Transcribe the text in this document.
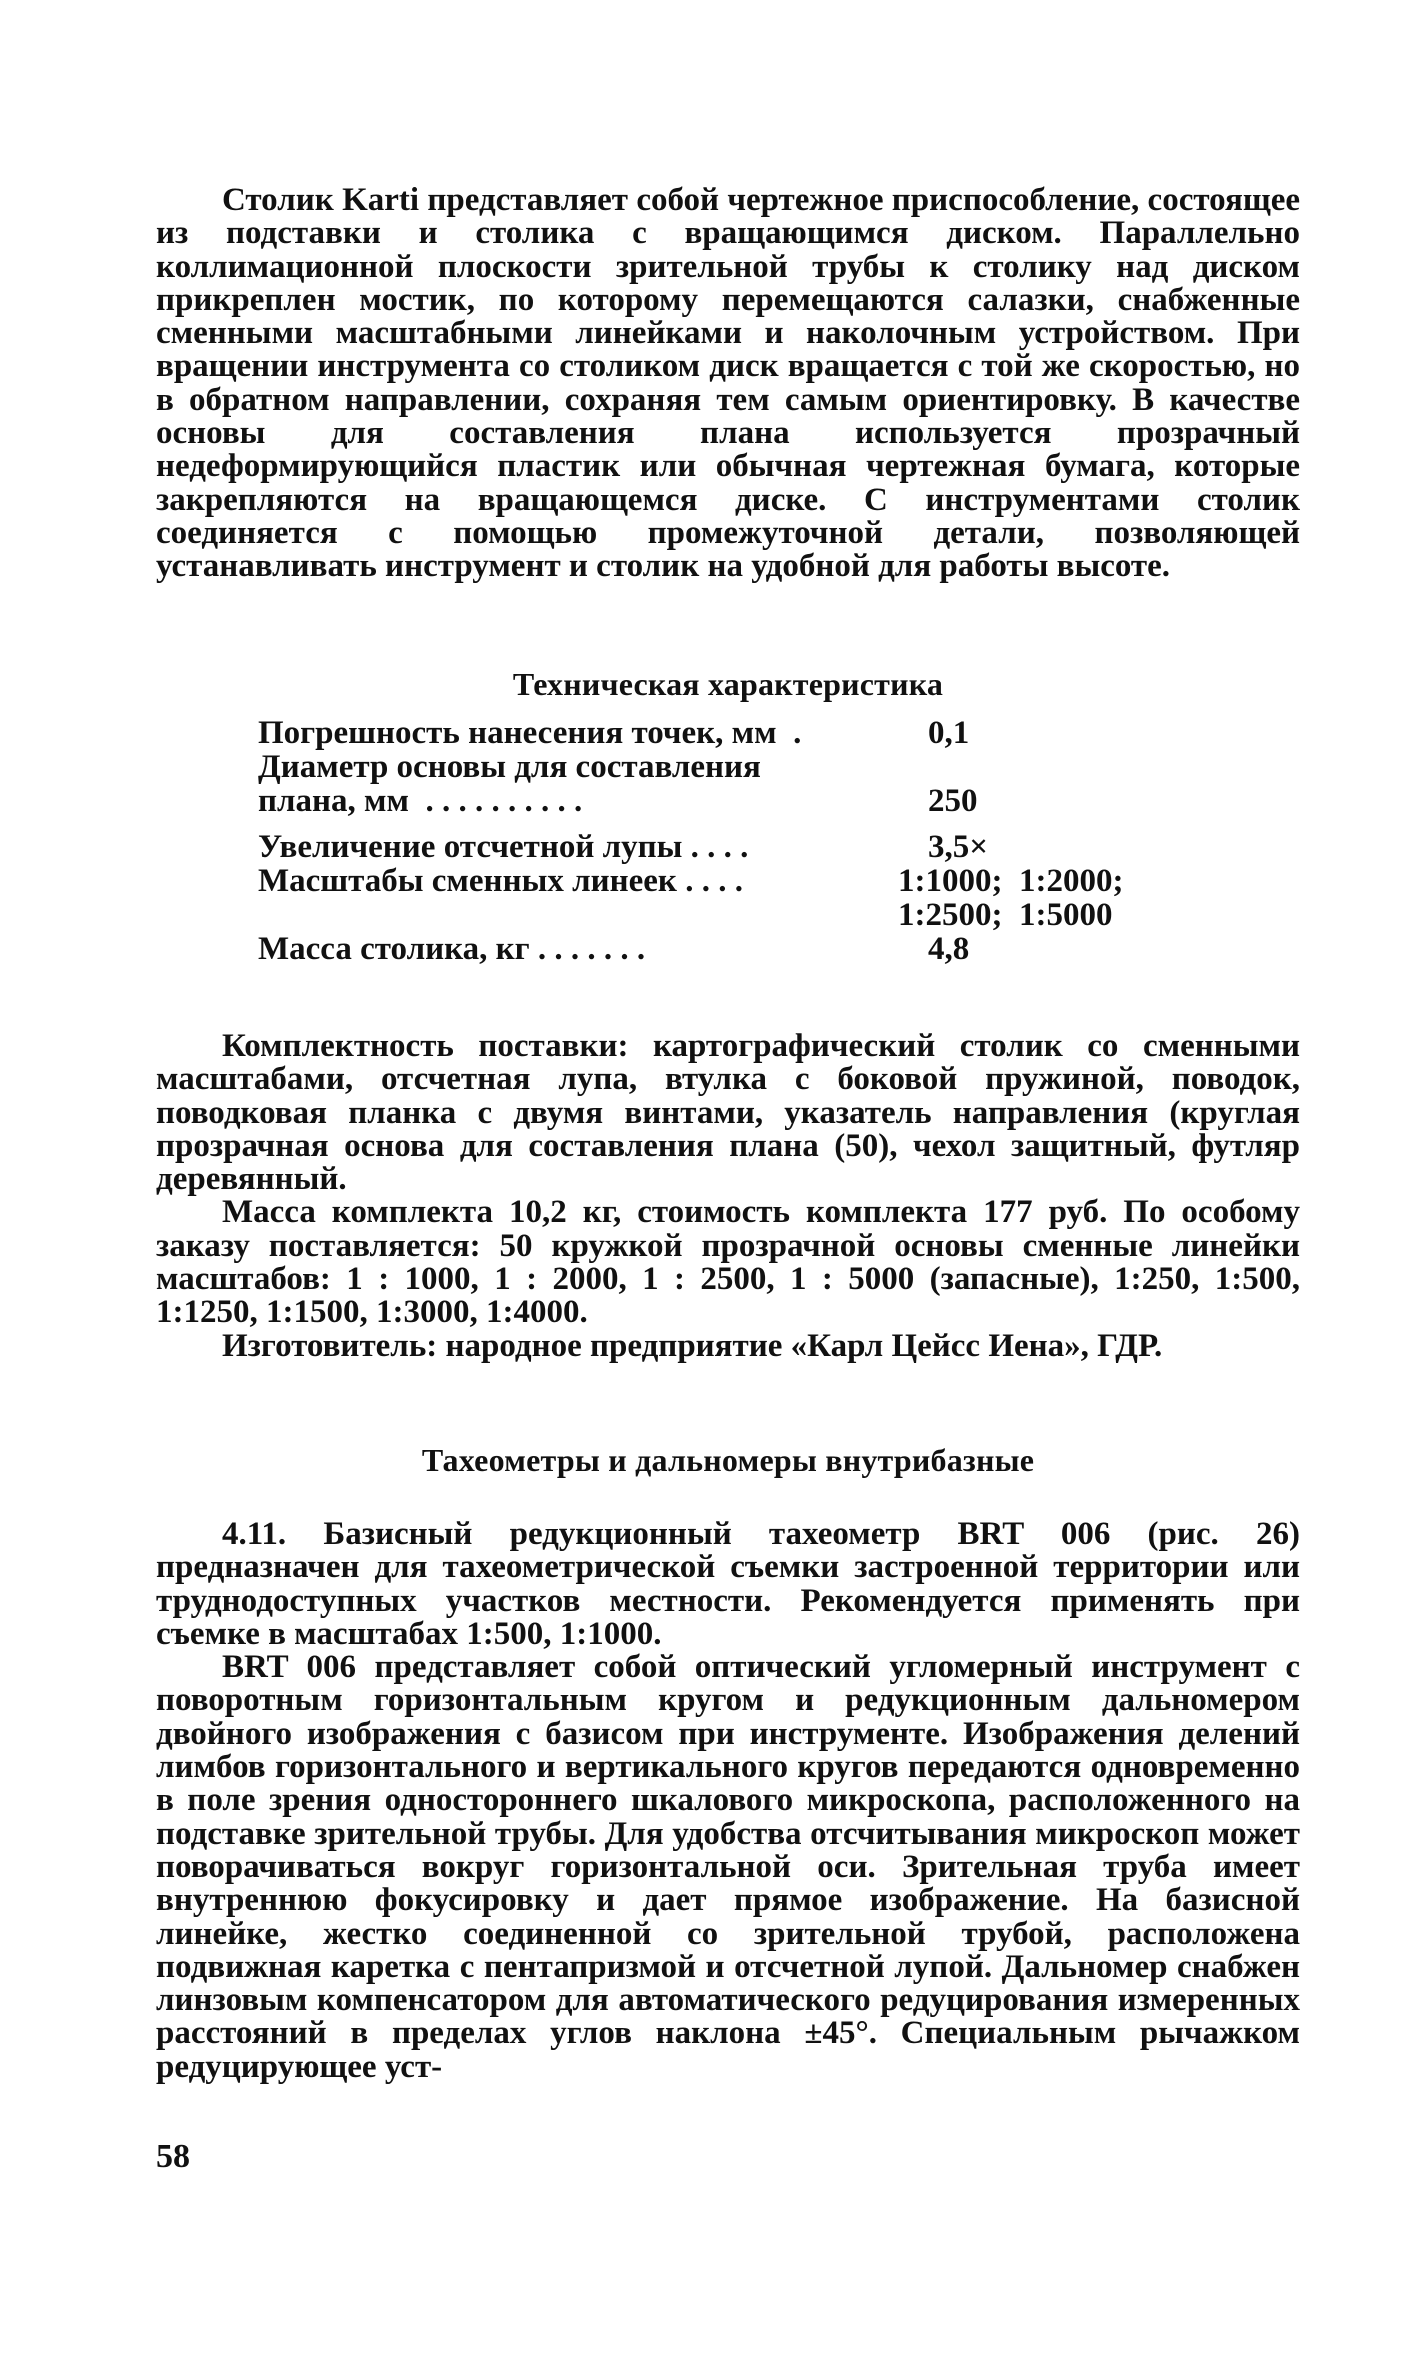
Столик Karti представляет собой чертежное приспособление, состоящее из подставки и столика с вращающимся диском. Параллельно коллимационной плоскости зрительной трубы к столику над диском прикреплен мостик, по которому перемещаются салазки, снабженные сменными масштабными линейками и наколочным устройством. При вращении инструмента со столиком диск вращается с той же скоростью, но в обратном направлении, сохраняя тем самым ориентировку. В качестве основы для составления плана используется прозрачный недеформирующийся пластик или обычная чертежная бумага, которые закрепляются на вращающемся диске. С инструментами столик соединяется с помощью промежуточной детали, позволяющей устанавливать инструмент и столик на удобной для работы высоте.

Техническая характеристика
Погрешность нанесения точек, мм  .	0,1
Диаметр основы для составления
плана, мм  . . . . . . . . . .	250
Увеличение отсчетной лупы . . . .	3,5×
Масштабы сменных линеек . . . .	1:1000;  1:2000;
1:2500;  1:5000
Масса столика, кг . . . . . . .	4,8

Комплектность поставки: картографический столик со сменными масштабами, отсчетная лупа, втулка с боковой пружиной, поводок, поводковая планка с двумя винтами, указатель направления (круглая прозрачная основа для составления плана (50), чехол защитный, футляр деревянный.

Масса комплекта 10,2 кг, стоимость комплекта 177 руб. По особому заказу поставляется: 50 кружкой прозрачной основы сменные линейки масштабов: 1 : 1000, 1 : 2000, 1 : 2500, 1 : 5000 (запасные), 1:250, 1:500, 1:1250, 1:1500, 1:3000, 1:4000.

Изготовитель: народное предприятие «Карл Цейсс Иена», ГДР.

Тахеометры и дальномеры внутрибазные

4.11. Базисный редукционный тахеометр BRT 006 (рис. 26) предназначен для тахеометрической съемки застроенной территории или труднодоступных участков местности. Рекомендуется применять при съемке в масштабах 1:500, 1:1000.

BRT 006 представляет собой оптический угломерный инструмент с поворотным горизонтальным кругом и редукционным дальномером двойного изображения с базисом при инструменте. Изображения делений лимбов горизонтального и вертикального кругов передаются одновременно в поле зрения одностороннего шкалового микроскопа, расположенного на подставке зрительной трубы. Для удобства отсчитывания микроскоп может поворачиваться вокруг горизонтальной оси. Зрительная труба имеет внутреннюю фокусировку и дает прямое изображение. На базисной линейке, жестко соединенной со зрительной трубой, расположена подвижная каретка с пентапризмой и отсчетной лупой. Дальномер снабжен линзовым компенсатором для автоматического редуцирования измеренных расстояний в пределах углов наклона ±45°. Специальным рычажком редуцирующее уст-

58
